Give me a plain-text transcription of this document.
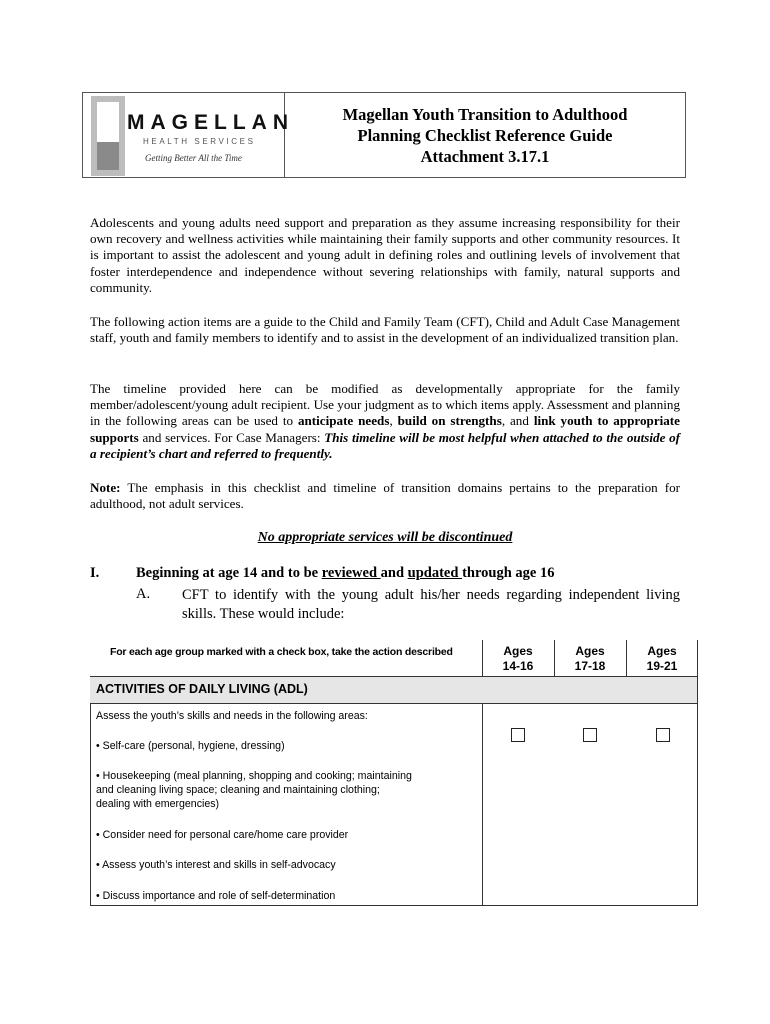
MAGELLAN
HEALTH SERVICES
Getting Better All the Time
Magellan Youth Transition to Adulthood
Planning Checklist Reference Guide
Attachment 3.17.1

Adolescents and young adults need support and preparation as they assume increasing responsibility for their own recovery and wellness activities while maintaining their family supports and other community resources. It is important to assist the adolescent and young adult in defining roles and outlining levels of involvement that foster interdependence and independence without severing relationships with family, natural supports and community.

The following action items are a guide to the Child and Family Team (CFT), Child and Adult Case Management staff, youth and family members to identify and to assist in the development of an individualized transition plan.

The timeline provided here can be modified as developmentally appropriate for the family member/adolescent/young adult recipient. Use your judgment as to which items apply. Assessment and planning in the following areas can be used to anticipate needs, build on strengths, and link youth to appropriate supports and services. For Case Managers: This timeline will be most helpful when attached to the outside of a recipient’s chart and referred to frequently.

Note: The emphasis in this checklist and timeline of transition domains pertains to the preparation for adulthood, not adult services.

No appropriate services will be discontinued
I.	Beginning at age 14 and to be reviewed and updated through age 16
A. CFT to identify with the young adult his/her needs regarding independent living skills. These would include:
For each age group marked with a check box, take the action described	Ages
14-16
Ages
17-18
Ages
19-21
ACTIVITIES OF DAILY LIVING (ADL)
Assess the youth’s skills and needs in the following areas:
• Self-care (personal, hygiene, dressing)
• Housekeeping (meal planning, shopping and cooking; maintaining
and cleaning living space; cleaning and maintaining clothing;
dealing with emergencies)
• Consider need for personal care/home care provider
• Assess youth’s interest and skills in self-advocacy
• Discuss importance and role of self-determination
